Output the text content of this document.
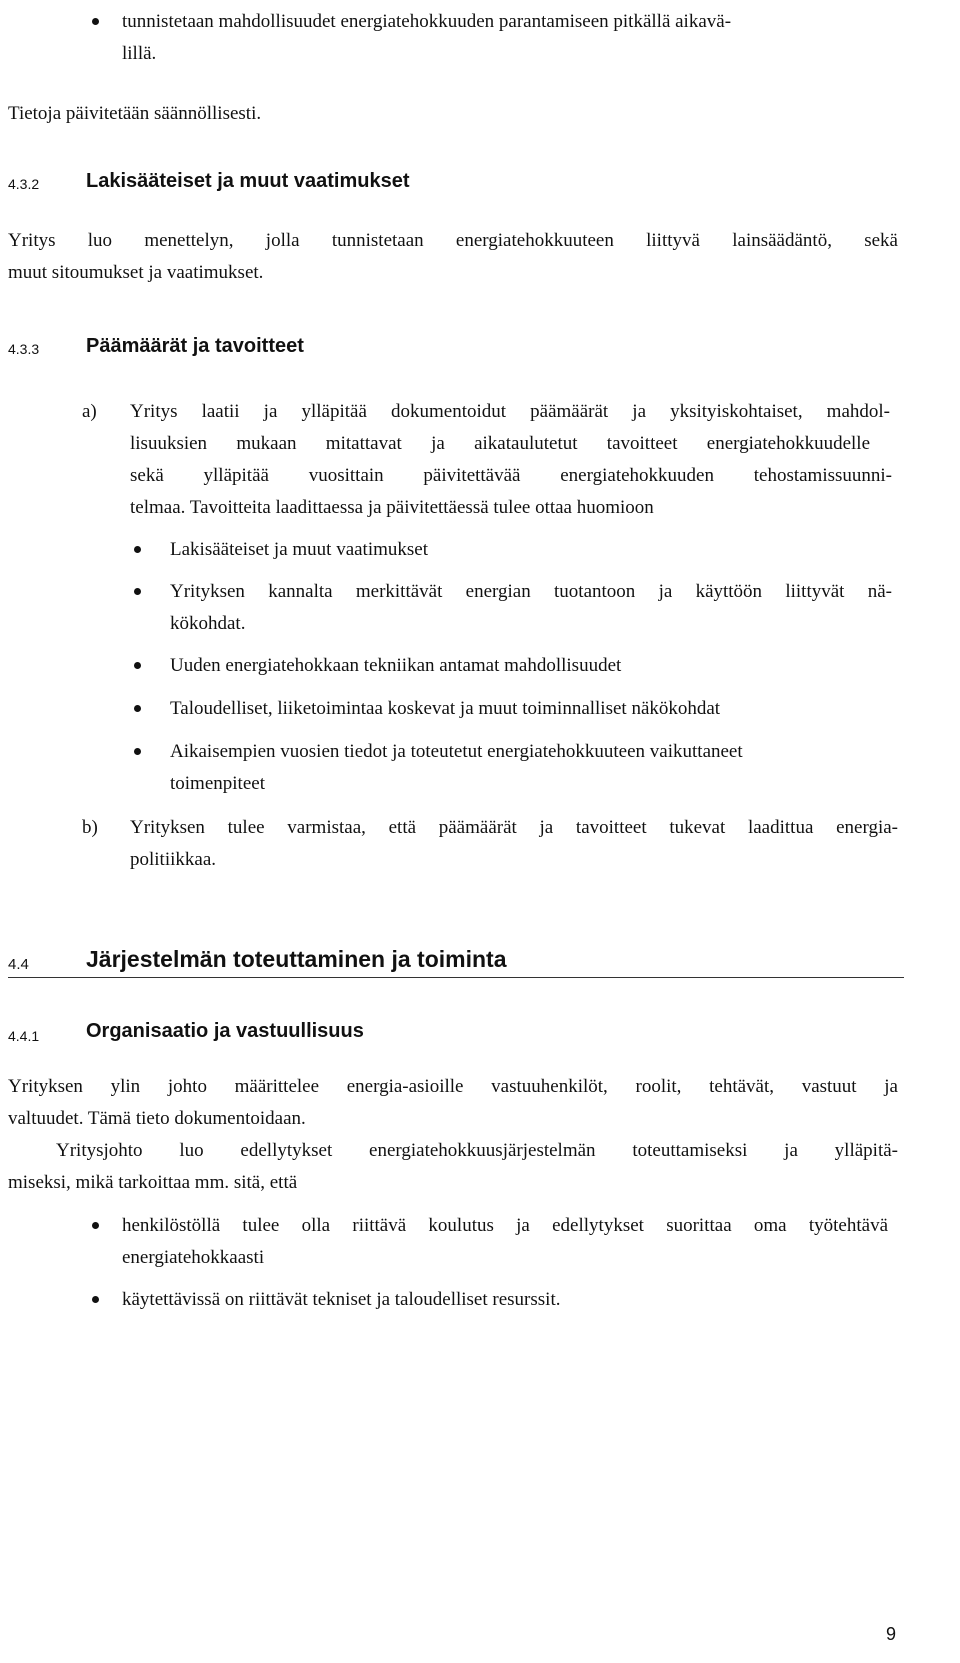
tunnistetaan mahdollisuudet energiatehokkuuden parantamiseen pitkällä aikavä-
lillä.
Tietoja päivitetään säännöllisesti.
4.3.2 Lakisääteiset ja muut vaatimukset
Yritys luo menettelyn, jolla tunnistetaan energiatehokkuuteen liittyvä lainsäädäntö, sekä
muut sitoumukset ja vaatimukset.
4.3.3 Päämäärät ja tavoitteet
a) Yritys laatii ja ylläpitää dokumentoidut päämäärät ja yksityiskohtaiset, mahdol-
lisuuksien mukaan mitattavat ja aikataulutetut tavoitteet energiatehokkuudelle
sekä ylläpitää vuosittain päivitettävää energiatehokkuuden tehostamissuunni-
telmaa. Tavoitteita laadittaessa ja päivitettäessä tulee ottaa huomioon
Lakisääteiset ja muut vaatimukset
Yrityksen kannalta merkittävät energian tuotantoon ja käyttöön liittyvät nä-
kökohdat.
Uuden energiatehokkaan tekniikan antamat mahdollisuudet
Taloudelliset, liiketoimintaa koskevat ja muut toiminnalliset näkökohdat
Aikaisempien vuosien tiedot ja toteutetut energiatehokkuuteen vaikuttaneet
toimenpiteet
b) Yrityksen tulee varmistaa, että päämäärät ja tavoitteet tukevat laadittua energia-
politiikkaa.
4.4 Järjestelmän toteuttaminen ja toiminta
4.4.1 Organisaatio ja vastuullisuus
Yrityksen ylin johto määrittelee energia-asioille vastuuhenkilöt, roolit, tehtävät, vastuut ja
valtuudet. Tämä tieto dokumentoidaan.
Yritysjohto luo edellytykset energiatehokkuusjärjestelmän toteuttamiseksi ja ylläpitä-
miseksi, mikä tarkoittaa mm. sitä, että
henkilöstöllä tulee olla riittävä koulutus ja edellytykset suorittaa oma työtehtävä
energiatehokkaasti
käytettävissä on riittävät tekniset ja taloudelliset resurssit.
9
